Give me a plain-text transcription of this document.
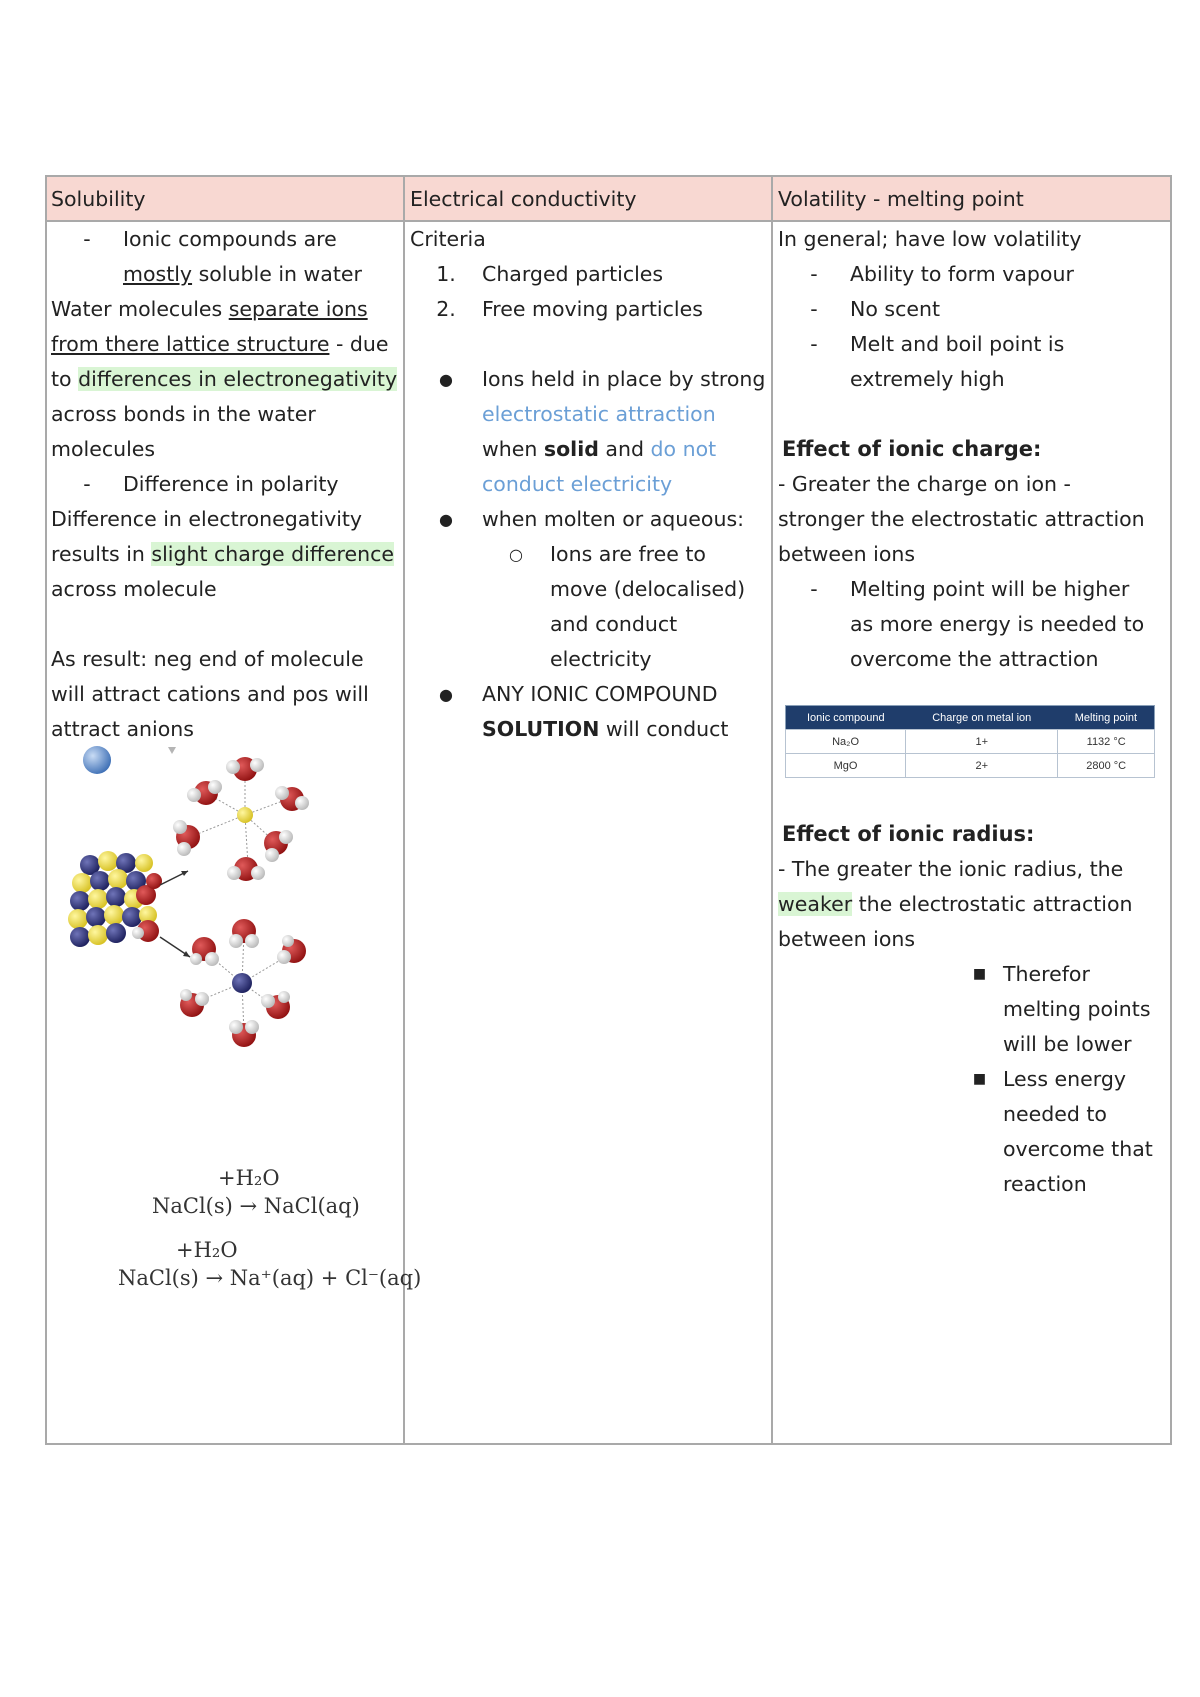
Solubility	Electrical conductivity	Volatility - melting point
-	Ionic compounds are
mostly soluble in water

Water molecules separate ions

from there lattice structure - due

to differences in electronegativity

across bonds in the water

molecules

-	Difference in polarity

Difference in electronegativity

results in slight charge difference

across molecule

As result: neg end of molecule

will attract cations and pos will

attract anions

Criteria

1.	Charged particles
2.	Free moving particles

●	Ions held in place by strong
electrostatic attraction
when solid and do not
conduct electricity
●	when molten or aqueous:
○	Ions are free to
move (delocalised)
and conduct
electricity
●	ANY IONIC COMPOUND
SOLUTION will conduct

In general; have low volatility

-	Ability to form vapour
-	No scent
-	Melt and boil point is
extremely high

Effect of ionic charge:

- Greater the charge on ion -

stronger the electrostatic attraction

between ions

-	Melting point will be higher
as more energy is needed to
overcome the attraction

Effect of ionic radius:

- The greater the ionic radius, the

weaker the electrostatic attraction

between ions

■ Therefor
melting points
will be lower
■ Less energy
needed to
overcome that
reaction
Ionic compound	Charge on metal ion	Melting point
Na₂O	1+	1132 °C
MgO	2+	2800 °C
+H₂O
NaCl(s) → NaCl(aq)
+H₂O
NaCl(s) → Na⁺(aq) + Cl⁻(aq)
